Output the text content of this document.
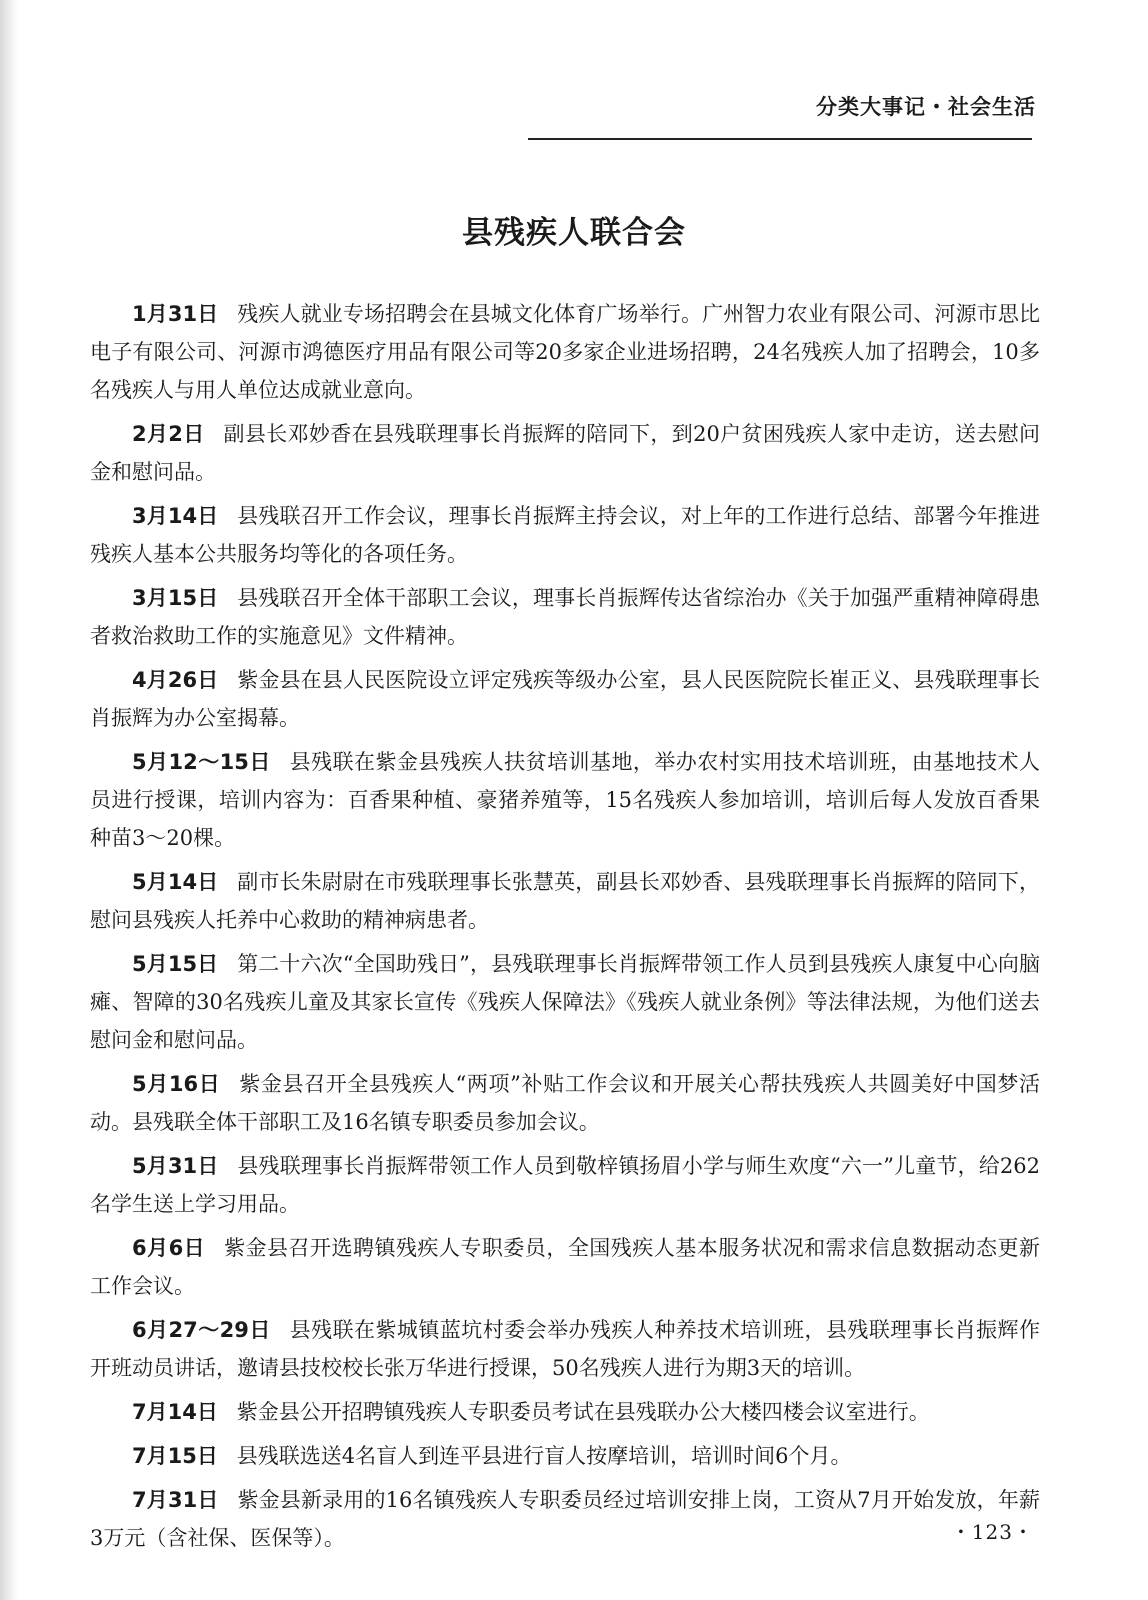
分类大事记・社会生活
县残疾人联合会

1月31日 残疾人就业专场招聘会在县城文化体育广场举行。广州智力农业有限公司、河源市思比电子有限公司、河源市鸿德医疗用品有限公司等20多家企业进场招聘，24名残疾人加了招聘会，10多名残疾人与用人单位达成就业意向。

2月2日 副县长邓妙香在县残联理事长肖振辉的陪同下，到20户贫困残疾人家中走访，送去慰问金和慰问品。

3月14日 县残联召开工作会议，理事长肖振辉主持会议，对上年的工作进行总结、部署今年推进残疾人基本公共服务均等化的各项任务。

3月15日 县残联召开全体干部职工会议，理事长肖振辉传达省综治办《关于加强严重精神障碍患者救治救助工作的实施意见》文件精神。

4月26日 紫金县在县人民医院设立评定残疾等级办公室，县人民医院院长崔正义、县残联理事长肖振辉为办公室揭幕。

5月12～15日 县残联在紫金县残疾人扶贫培训基地，举办农村实用技术培训班，由基地技术人员进行授课，培训内容为：百香果种植、豪猪养殖等，15名残疾人参加培训，培训后每人发放百香果种苗3～20棵。

5月14日 副市长朱尉尉在市残联理事长张慧英，副县长邓妙香、县残联理事长肖振辉的陪同下，慰问县残疾人托养中心救助的精神病患者。

5月15日 第二十六次“全国助残日”，县残联理事长肖振辉带领工作人员到县残疾人康复中心向脑瘫、智障的30名残疾儿童及其家长宣传《残疾人保障法》《残疾人就业条例》等法律法规，为他们送去慰问金和慰问品。

5月16日 紫金县召开全县残疾人“两项”补贴工作会议和开展关心帮扶残疾人共圆美好中国梦活动。县残联全体干部职工及16名镇专职委员参加会议。

5月31日 县残联理事长肖振辉带领工作人员到敬梓镇扬眉小学与师生欢度“六一”儿童节，给262名学生送上学习用品。

6月6日 紫金县召开选聘镇残疾人专职委员，全国残疾人基本服务状况和需求信息数据动态更新工作会议。

6月27～29日 县残联在紫城镇蓝坑村委会举办残疾人种养技术培训班，县残联理事长肖振辉作开班动员讲话，邀请县技校校长张万华进行授课，50名残疾人进行为期3天的培训。

7月14日 紫金县公开招聘镇残疾人专职委员考试在县残联办公大楼四楼会议室进行。

7月15日 县残联选送4名盲人到连平县进行盲人按摩培训，培训时间6个月。

7月31日 紫金县新录用的16名镇残疾人专职委员经过培训安排上岗，工资从7月开始发放，年薪3万元（含社保、医保等）。	・123・
